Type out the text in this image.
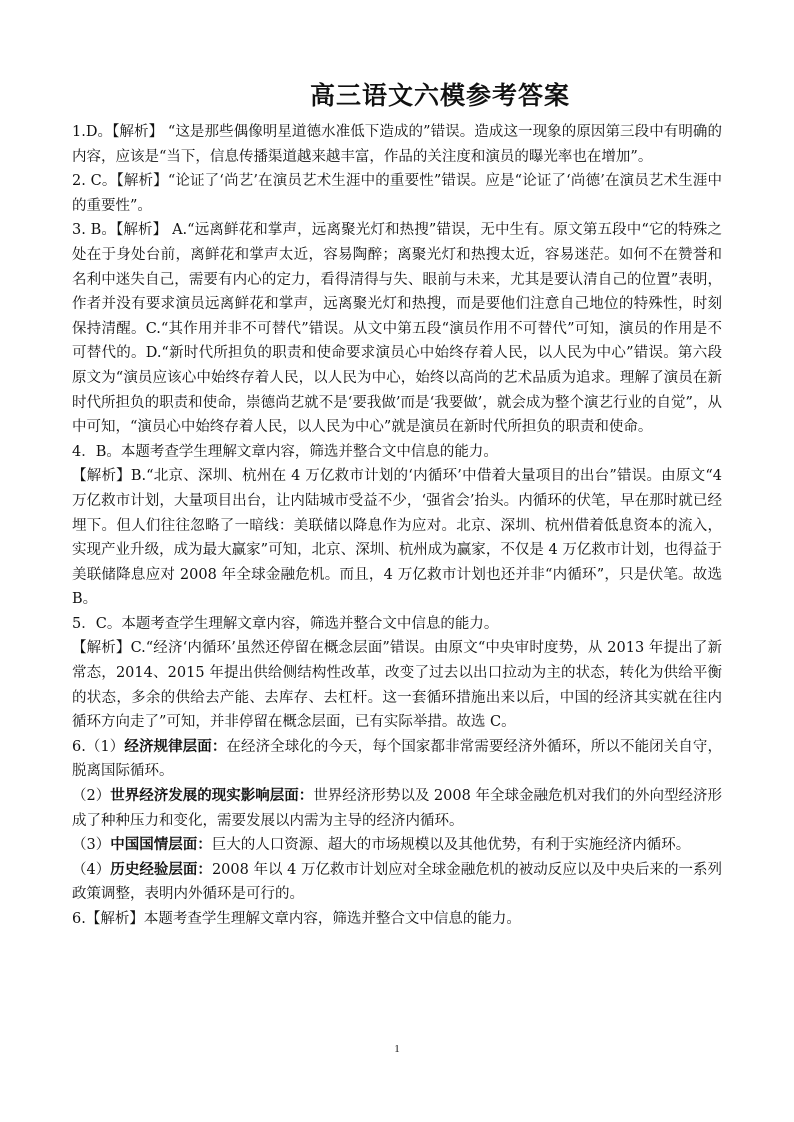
高三语文六模参考答案

1.D。【解析】 “这是那些偶像明星道德水准低下造成的”错误。造成这一现象的原因第三段中有明确的内容，应该是“当下，信息传播渠道越来越丰富，作品的关注度和演员的曝光率也在增加”。

2. C。【解析】“论证了‘尚艺’在演员艺术生涯中的重要性”错误。应是“论证了‘尚德’在演员艺术生涯中的重要性”。

3. B。【解析】 A.“远离鲜花和掌声，远离聚光灯和热搜”错误，无中生有。原文第五段中“它的特殊之处在于身处台前，离鲜花和掌声太近，容易陶醉；离聚光灯和热搜太近，容易迷茫。如何不在赞誉和名利中迷失自己，需要有内心的定力，看得清得与失、眼前与未来，尤其是要认清自己的位置”表明，作者并没有要求演员远离鲜花和掌声，远离聚光灯和热搜，而是要他们注意自己地位的特殊性，时刻保持清醒。C.“其作用并非不可替代”错误。从文中第五段“演员作用不可替代”可知，演员的作用是不可替代的。D.“新时代所担负的职责和使命要求演员心中始终存着人民，以人民为中心”错误。第六段原文为“演员应该心中始终存着人民，以人民为中心，始终以高尚的艺术品质为追求。理解了演员在新时代所担负的职责和使命，崇德尚艺就不是‘要我做’而是‘我要做’，就会成为整个演艺行业的自觉”，从中可知，“演员心中始终存着人民，以人民为中心”就是演员在新时代所担负的职责和使命。

4．B。本题考查学生理解文章内容，筛选并整合文中信息的能力。

【解析】B.“北京、深圳、杭州在 4 万亿救市计划的‘内循环’中借着大量项目的出台”错误。由原文“4 万亿救市计划，大量项目出台，让内陆城市受益不少，‘强省会’抬头。内循环的伏笔，早在那时就已经埋下。但人们往往忽略了一暗线：美联储以降息作为应对。北京、深圳、杭州借着低息资本的流入，实现产业升级，成为最大赢家”可知，北京、深圳、杭州成为赢家，不仅是 4 万亿救市计划，也得益于美联储降息应对 2008 年全球金融危机。而且，4 万亿救市计划也还并非“内循环”，只是伏笔。故选 B。

5．C。本题考查学生理解文章内容，筛选并整合文中信息的能力。

【解析】C.“经济‘内循环’虽然还停留在概念层面”错误。由原文“中央审时度势，从 2013 年提出了新常态，2014、2015 年提出供给侧结构性改革，改变了过去以出口拉动为主的状态，转化为供给平衡的状态，多余的供给去产能、去库存、去杠杆。这一套循环措施出来以后，中国的经济其实就在往内循环方向走了”可知，并非停留在概念层面，已有实际举措。故选 C。

6.（1）经济规律层面：在经济全球化的今天，每个国家都非常需要经济外循环，所以不能闭关自守，脱离国际循环。

（2）世界经济发展的现实影响层面：世界经济形势以及 2008 年全球金融危机对我们的外向型经济形成了种种压力和变化，需要发展以内需为主导的经济内循环。

（3）中国国情层面：巨大的人口资源、超大的市场规模以及其他优势，有利于实施经济内循环。

（4）历史经验层面：2008 年以 4 万亿救市计划应对全球金融危机的被动反应以及中央后来的一系列政策调整，表明内外循环是可行的。

6.【解析】本题考查学生理解文章内容，筛选并整合文中信息的能力。

1
